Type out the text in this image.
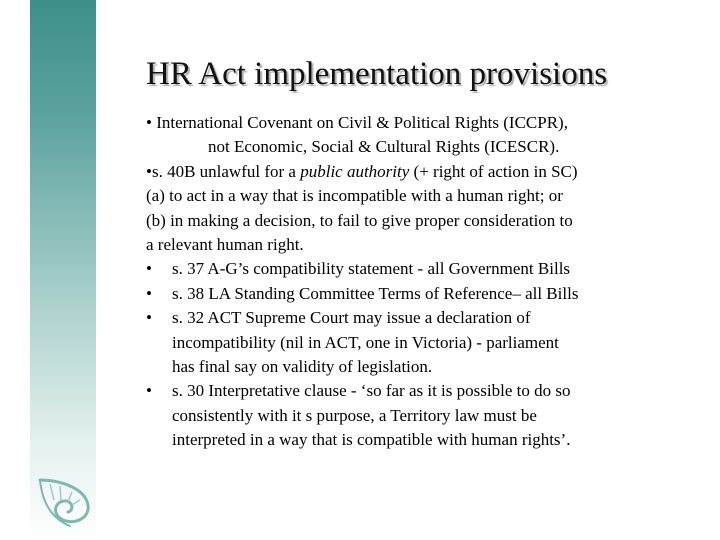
HR Act implementation provisions
• International Covenant on Civil & Political Rights (ICCPR),
not Economic, Social & Cultural Rights (ICESCR).
•s. 40B unlawful for a public authority (+ right of action in SC)
(a) to act in a way that is incompatible with a human right; or
(b) in making a decision, to fail to give proper consideration to
a relevant human right.
•	s. 37 A-G’s compatibility statement - all Government Bills
•	s. 38 LA Standing Committee Terms of Reference– all Bills
•	s. 32 ACT Supreme Court may issue a declaration of
incompatibility (nil in ACT, one in Victoria) - parliament
has final say on validity of legislation.
•	s. 30 Interpretative clause - ‘so far as it is possible to do so
consistently with it s purpose, a Territory law must be
interpreted in a way that is compatible with human rights’.
